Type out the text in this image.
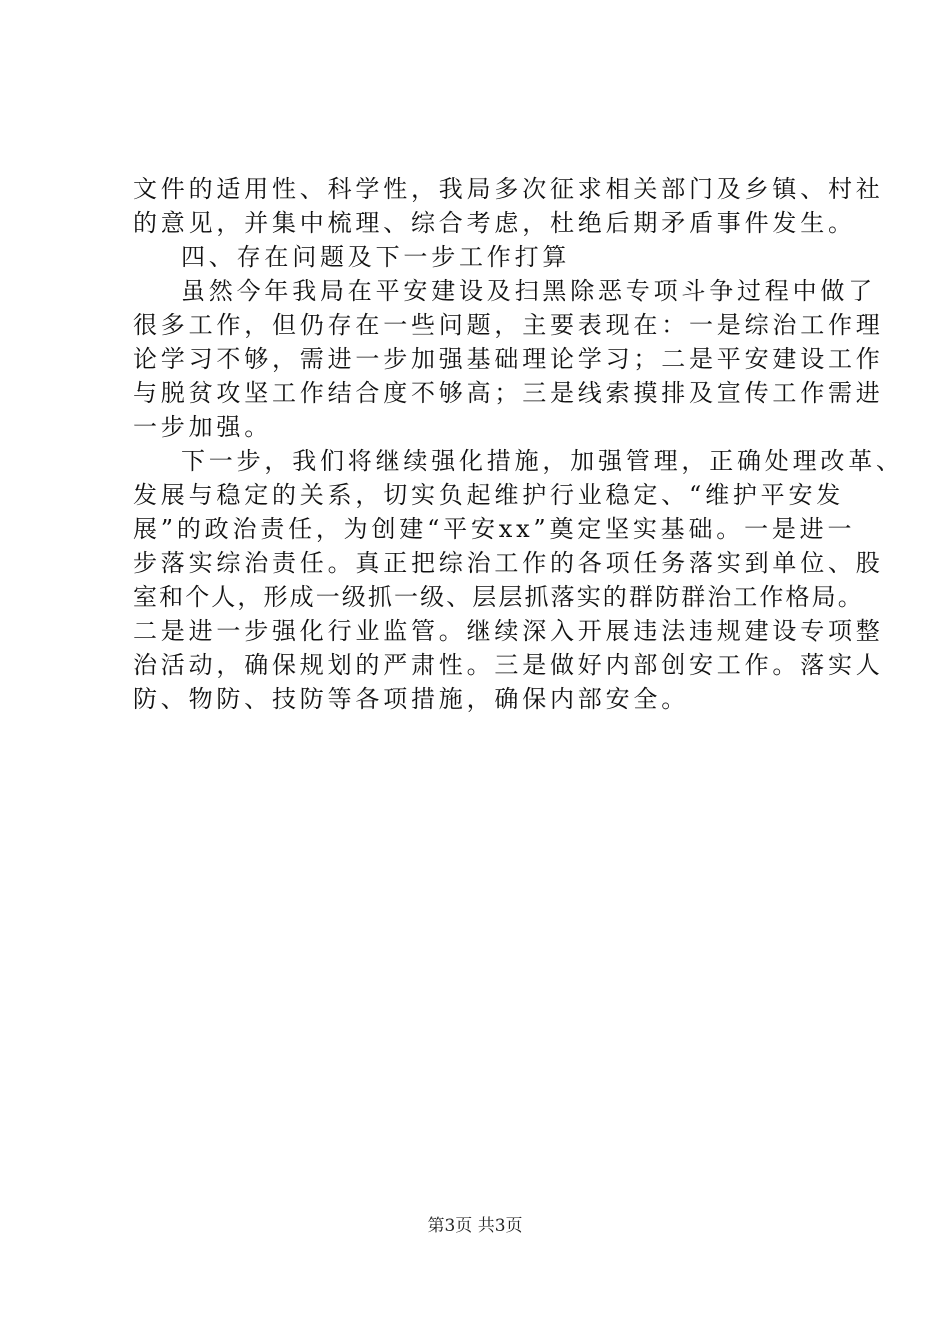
文件的适用性、科学性，我局多次征求相关部门及乡镇、村社
的意见，并集中梳理、综合考虑，杜绝后期矛盾事件发生。
四、存在问题及下一步工作打算
虽然今年我局在平安建设及扫黑除恶专项斗争过程中做了
很多工作，但仍存在一些问题，主要表现在：一是综治工作理
论学习不够，需进一步加强基础理论学习；二是平安建设工作
与脱贫攻坚工作结合度不够高；三是线索摸排及宣传工作需进
一步加强。
下一步，我们将继续强化措施，加强管理，正确处理改革、
发展与稳定的关系，切实负起维护行业稳定、“维护平安发
展”的政治责任，为创建“平安xx”奠定坚实基础。一是进一
步落实综治责任。真正把综治工作的各项任务落实到单位、股
室和个人，形成一级抓一级、层层抓落实的群防群治工作格局。
二是进一步强化行业监管。继续深入开展违法违规建设专项整
治活动，确保规划的严肃性。三是做好内部创安工作。落实人
防、物防、技防等各项措施，确保内部安全。
第3页 共3页
